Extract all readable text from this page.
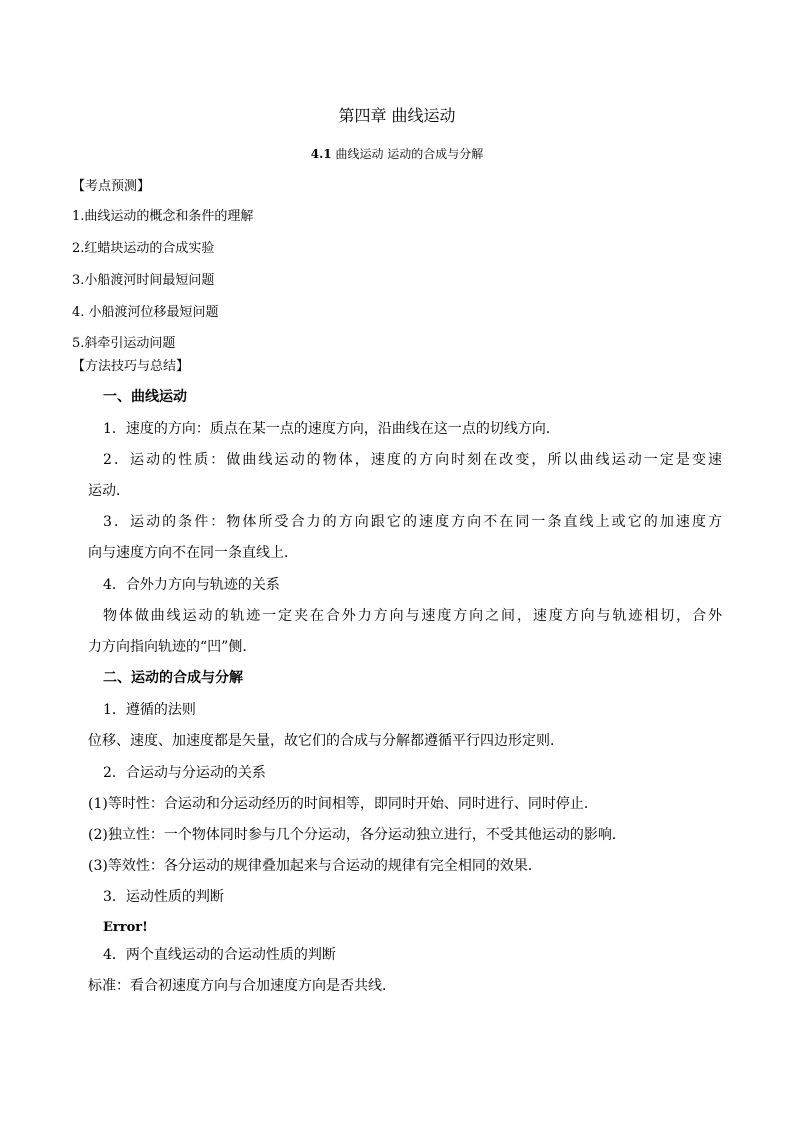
第四章 曲线运动
4.1 曲线运动 运动的合成与分解
【考点预测】
1.曲线运动的概念和条件的理解
2.红蜡块运动的合成实验
3.小船渡河时间最短问题
4. 小船渡河位移最短问题
5.斜牵引运动问题
【方法技巧与总结】
一、曲线运动
1．速度的方向：质点在某一点的速度方向，沿曲线在这一点的切线方向．
2．运动的性质：做曲线运动的物体，速度的方向时刻在改变，所以曲线运动一定是变速
运动．
3．运动的条件：物体所受合力的方向跟它的速度方向不在同一条直线上或它的加速度方
向与速度方向不在同一条直线上．
4．合外力方向与轨迹的关系
物体做曲线运动的轨迹一定夹在合外力方向与速度方向之间，速度方向与轨迹相切，合外
力方向指向轨迹的“凹”侧．
二、运动的合成与分解
1．遵循的法则
位移、速度、加速度都是矢量，故它们的合成与分解都遵循平行四边形定则．
2．合运动与分运动的关系
(1)等时性：合运动和分运动经历的时间相等，即同时开始、同时进行、同时停止．
(2)独立性：一个物体同时参与几个分运动，各分运动独立进行，不受其他运动的影响．
(3)等效性：各分运动的规律叠加起来与合运动的规律有完全相同的效果．
3．运动性质的判断
Error!
4．两个直线运动的合运动性质的判断
标准：看合初速度方向与合加速度方向是否共线．
